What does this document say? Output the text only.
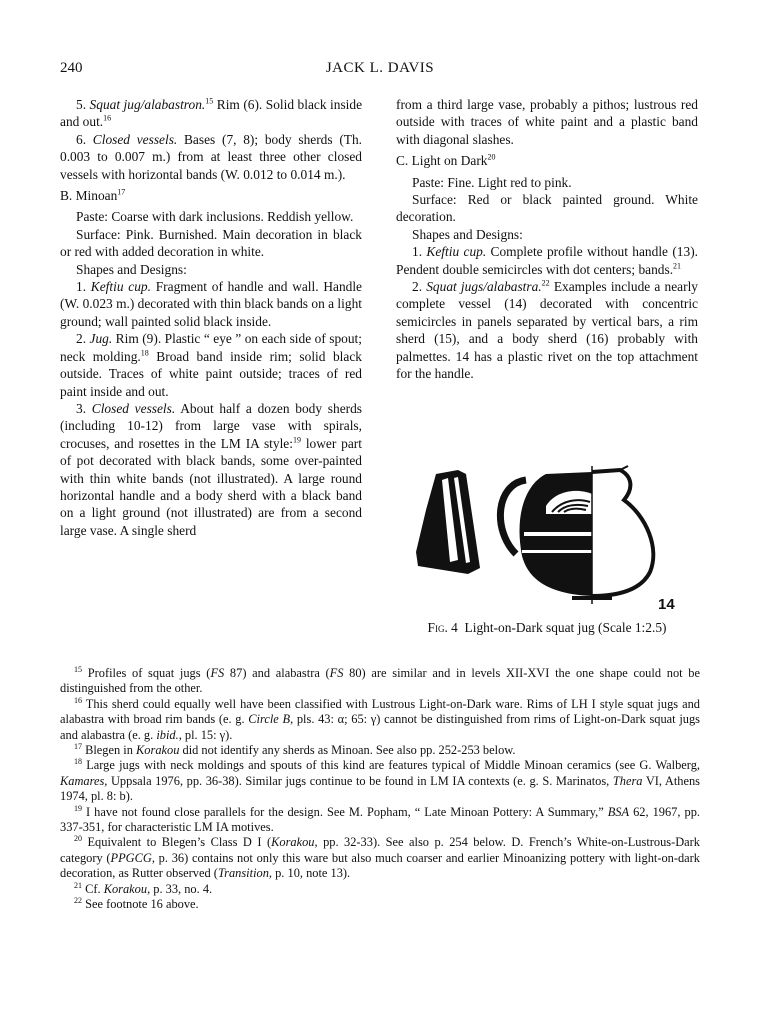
240	JACK L. DAVIS

5. Squat jug/alabastron.$^{15}$ Rim (6). Solid black inside and out.$^{16}$

6. Closed vessels. Bases (7, 8); body sherds (Th. 0.003 to 0.007 m.) from at least three other closed vessels with horizontal bands (W. 0.012 to 0.014 m.).

B. Minoan$^{17}$

Paste: Coarse with dark inclusions. Reddish yellow.

Surface: Pink. Burnished. Main decoration in black or red with added decoration in white.

Shapes and Designs:

1. Keftiu cup. Fragment of handle and wall. Handle (W. 0.023 m.) decorated with thin black bands on a light ground; wall painted solid black inside.

2. Jug. Rim (9). Plastic “ eye ” on each side of spout; neck molding.$^{18}$ Broad band inside rim; solid black outside. Traces of white paint outside; traces of red paint inside and out.

3. Closed vessels. About half a dozen body sherds (including 10-12) from large vase with spirals, crocuses, and rosettes in the LM IA style:$^{19}$ lower part of pot decorated with black bands, some over-painted with thin white bands (not illustrated). A large round horizontal handle and a body sherd with a black band on a light ground (not illustrated) are from a second large vase. A single sherd

from a third large vase, probably a pithos; lustrous red outside with traces of white paint and a plastic band with diagonal slashes.

C. Light on Dark$^{20}$

Paste: Fine. Light red to pink.

Surface: Red or black painted ground. White decoration.

Shapes and Designs:

1. Keftiu cup. Complete profile without handle (13). Pendent double semicircles with dot centers; bands.$^{21}$

2. Squat jugs/alabastra.$^{22}$ Examples include a nearly complete vessel (14) decorated with concentric semicircles in panels separated by vertical bars, a rim sherd (15), and a body sherd (16) probably with palmettes. 14 has a plastic rivet on the top attachment for the handle.

14
Fig. 4 Light-on-Dark squat jug (Scale 1:2.5)

$^{15}$ Profiles of squat jugs (FS 87) and alabastra (FS 80) are similar and in levels XII-XVI the one shape could not be distinguished from the other.

$^{16}$ This sherd could equally well have been classified with Lustrous Light-on-Dark ware. Rims of LH I style squat jugs and alabastra with broad rim bands (e. g. Circle B, pls. 43: α; 65: γ) cannot be distinguished from rims of Light-on-Dark squat jugs and alabastra (e. g. ibid., pl. 15: γ).

$^{17}$ Blegen in Korakou did not identify any sherds as Minoan. See also pp. 252-253 below.

$^{18}$ Large jugs with neck moldings and spouts of this kind are features typical of Middle Minoan ceramics (see G. Walberg, Kamares, Uppsala 1976, pp. 36-38). Similar jugs continue to be found in LM IA contexts (e. g. S. Marinatos, Thera VI, Athens 1974, pl. 8: b).

$^{19}$ I have not found close parallels for the design. See M. Popham, “ Late Minoan Pottery: A Summary,” BSA 62, 1967, pp. 337-351, for characteristic LM IA motives.

$^{20}$ Equivalent to Blegen’s Class D I (Korakou, pp. 32-33). See also p. 254 below. D. French’s White-on-Lustrous-Dark category (PPGCG, p. 36) contains not only this ware but also much coarser and earlier Minoanizing pottery with light-on-dark decoration, as Rutter observed (Transition, p. 10, note 13).

$^{21}$ Cf. Korakou, p. 33, no. 4.

$^{22}$ See footnote 16 above.
